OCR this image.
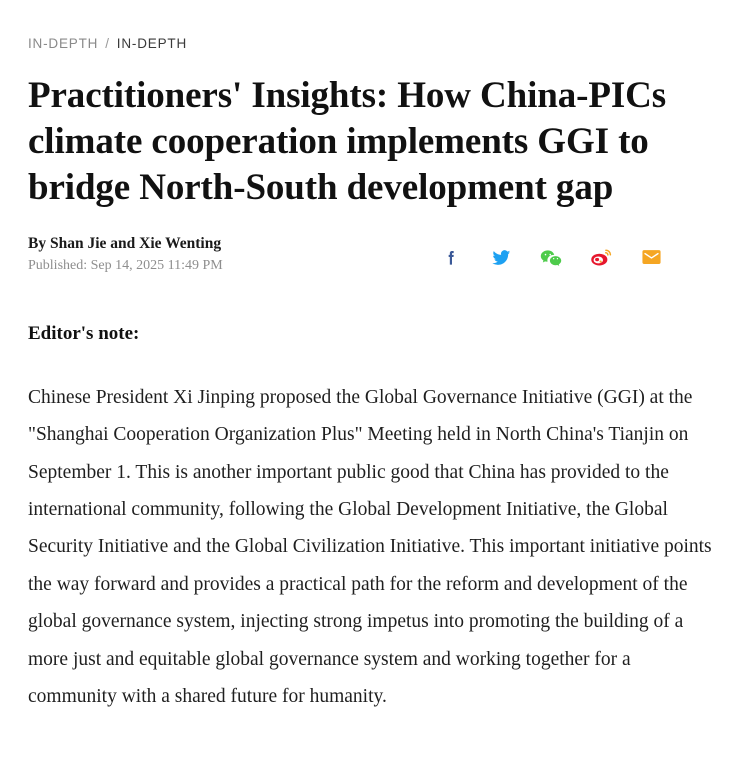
IN-DEPTH / IN-DEPTH
Practitioners' Insights: How China-PICs climate cooperation implements GGI to bridge North-South development gap

By Shan Jie and Xie Wenting

Published: Sep 14, 2025 11:49 PM

Editor's note:

Chinese President Xi Jinping proposed the Global Governance Initiative (GGI) at the "Shanghai Cooperation Organization Plus" Meeting held in North China's Tianjin on September 1. This is another important public good that China has provided to the international community, following the Global Development Initiative, the Global Security Initiative and the Global Civilization Initiative. This important initiative points the way forward and provides a practical path for the reform and development of the global governance system, injecting strong impetus into promoting the building of a more just and equitable global governance system and working together for a community with a shared future for humanity.
